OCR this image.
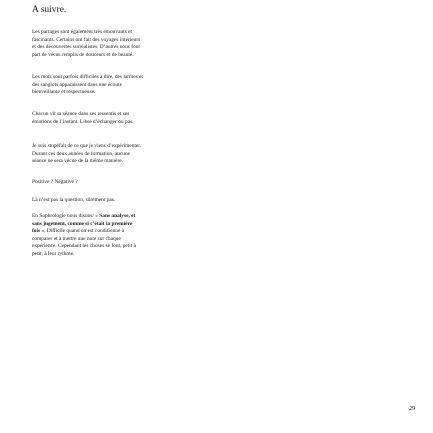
A suivre.

Les partages sont également très émouvants et
fascinants. Certains ont fait des voyages intérieurs
et des découvertes surréalistes. D’autres nous font
part de vécus remplis de douceurs et de beauté.

Les mots sont parfois difficiles à dire, des larmes et
des sanglots apparaissent dans une écoute
bienveillante et respectueuse.

Chacun vit sa séance dans ses ressentis et ses
émotions de l’instant. Libre d’échanger ou pas.

Je suis stupéfait de ce que je viens d’expérimenter.
Durant ces deux années de formation, aucune
séance ne sera vécue de la même manière.

Positive ? Négative ?

Là n’est pas la question, sûrement pas.

En Sophrologie nous disons/ « Sans analyse, et
sans jugement, comme si c’était la première
fois », Difficile quand on est conditionné à
comparer et à mettre une note sur chaque
expérience. Cependant les choses se font, petit à
petit, à leur rythme.

29
